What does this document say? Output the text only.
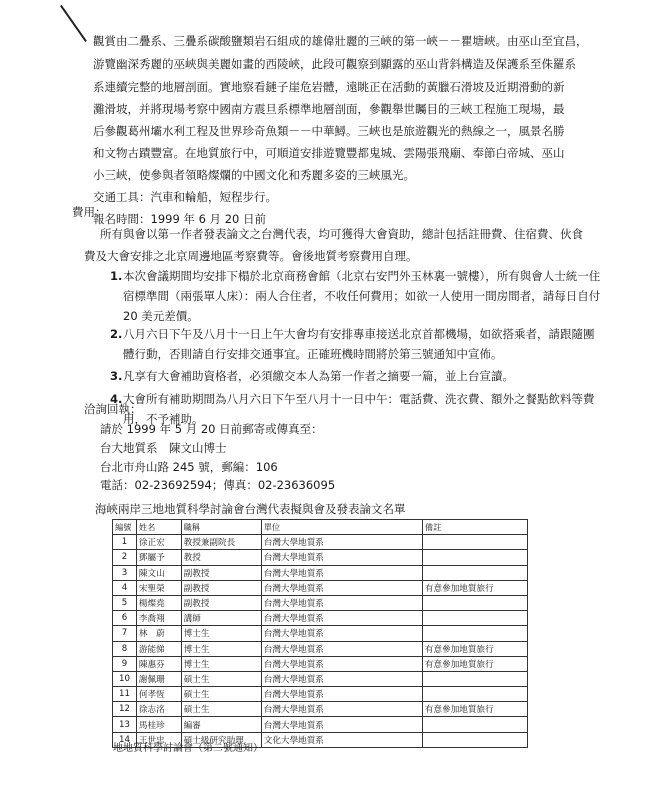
觀賞由二疊系、三疊系碳酸鹽類岩石組成的雄偉壯麗的三峽的第一峽－－瞿塘峽。由巫山至宜昌，
游覽幽深秀麗的巫峽與美麗如畫的西陵峽，此段可觀察到顯露的巫山背斜構造及保護系至侏羅系
系連續完整的地層剖面。實地察看鏈子崖危岩體，遠眺正在活動的黃臘石滑坡及近期滑動的新
灘滑坡，并將現場考察中國南方震旦系標準地層剖面，參觀舉世矚目的三峽工程施工現場，最
后參觀葛州壩水利工程及世界珍奇魚類－－中華鱘。三峽也是旅遊觀光的熱線之一，風景名勝
和文物古蹟豐富。在地質旅行中，可順道安排遊覽豐都鬼城、雲陽張飛廟、奉節白帝城、巫山
小三峽，使參與者領略燦爛的中國文化和秀麗多姿的三峽風光。
交通工具：汽車和輪船，短程步行。
報名時間：1999 年 6 月 20 日前
費用：
所有與會以第一作者發表論文之台灣代表，均可獲得大會資助，總計包括註冊費、住宿費、伙食
費及大會安排之北京周邊地區考察費等。會後地質考察費用自理。
1. 本次會議期間均安排下榻於北京商務會館（北京右安門外玉林裏一號樓），所有與會人士統一住
宿標準間（兩張單人床）：兩人合住者，不收任何費用；如欲一人使用一間房間者，請每日自付
20 美元差價。
2. 八月六日下午及八月十一日上午大會均有安排專車接送北京首都機場，如欲搭乘者，請跟隨團
體行動，否則請自行安排交通事宜。正確班機時間將於第三號通知中宣佈。
3. 凡享有大會補助資格者，必須繳交本人為第一作者之摘要一篇，並上台宣讀。
4. 大會所有補助期間為八月六日下午至八月十一日中午：電話費、洗衣費、額外之餐點飲料等費
用，不予補助。
洽詢回執：
請於 1999 年 5 月 20 日前郵寄或傳真至：
台大地質系　陳文山博士
台北市舟山路 245 號，郵編：106
電話：02-23692594；傳真：02-23636095
海峽兩岸三地地質科學討論會台灣代表擬與會及發表論文名單
編號	姓名	職稱	單位	備註
1	徐正宏	教授兼副院長	台灣大學地質系	
2	鄧屬予	教授	台灣大學地質系	
3	陳文山	副教授	台灣大學地質系	
4	宋聖榮	副教授	台灣大學地質系	有意參加地質旅行
5	楊燦堯	副教授	台灣大學地質系	
6	李喬翔	講師	台灣大學地質系	
7	林　蔚	博士生	台灣大學地質系	
8	游能悌	博士生	台灣大學地質系	有意參加地質旅行
9	陳惠芬	博士生	台灣大學地質系	有意參加地質旅行
10	謝佩珊	碩士生	台灣大學地質系	
11	何孝恆	碩士生	台灣大學地質系	
12	徐志洺	碩士生	台灣大學地質系	有意參加地質旅行
13	馬桂珍	編審	台灣大學地質系	
14	王世忠	碩士級研究助理	文化大學地質系	
地地質科學討論會（第二號通知）
